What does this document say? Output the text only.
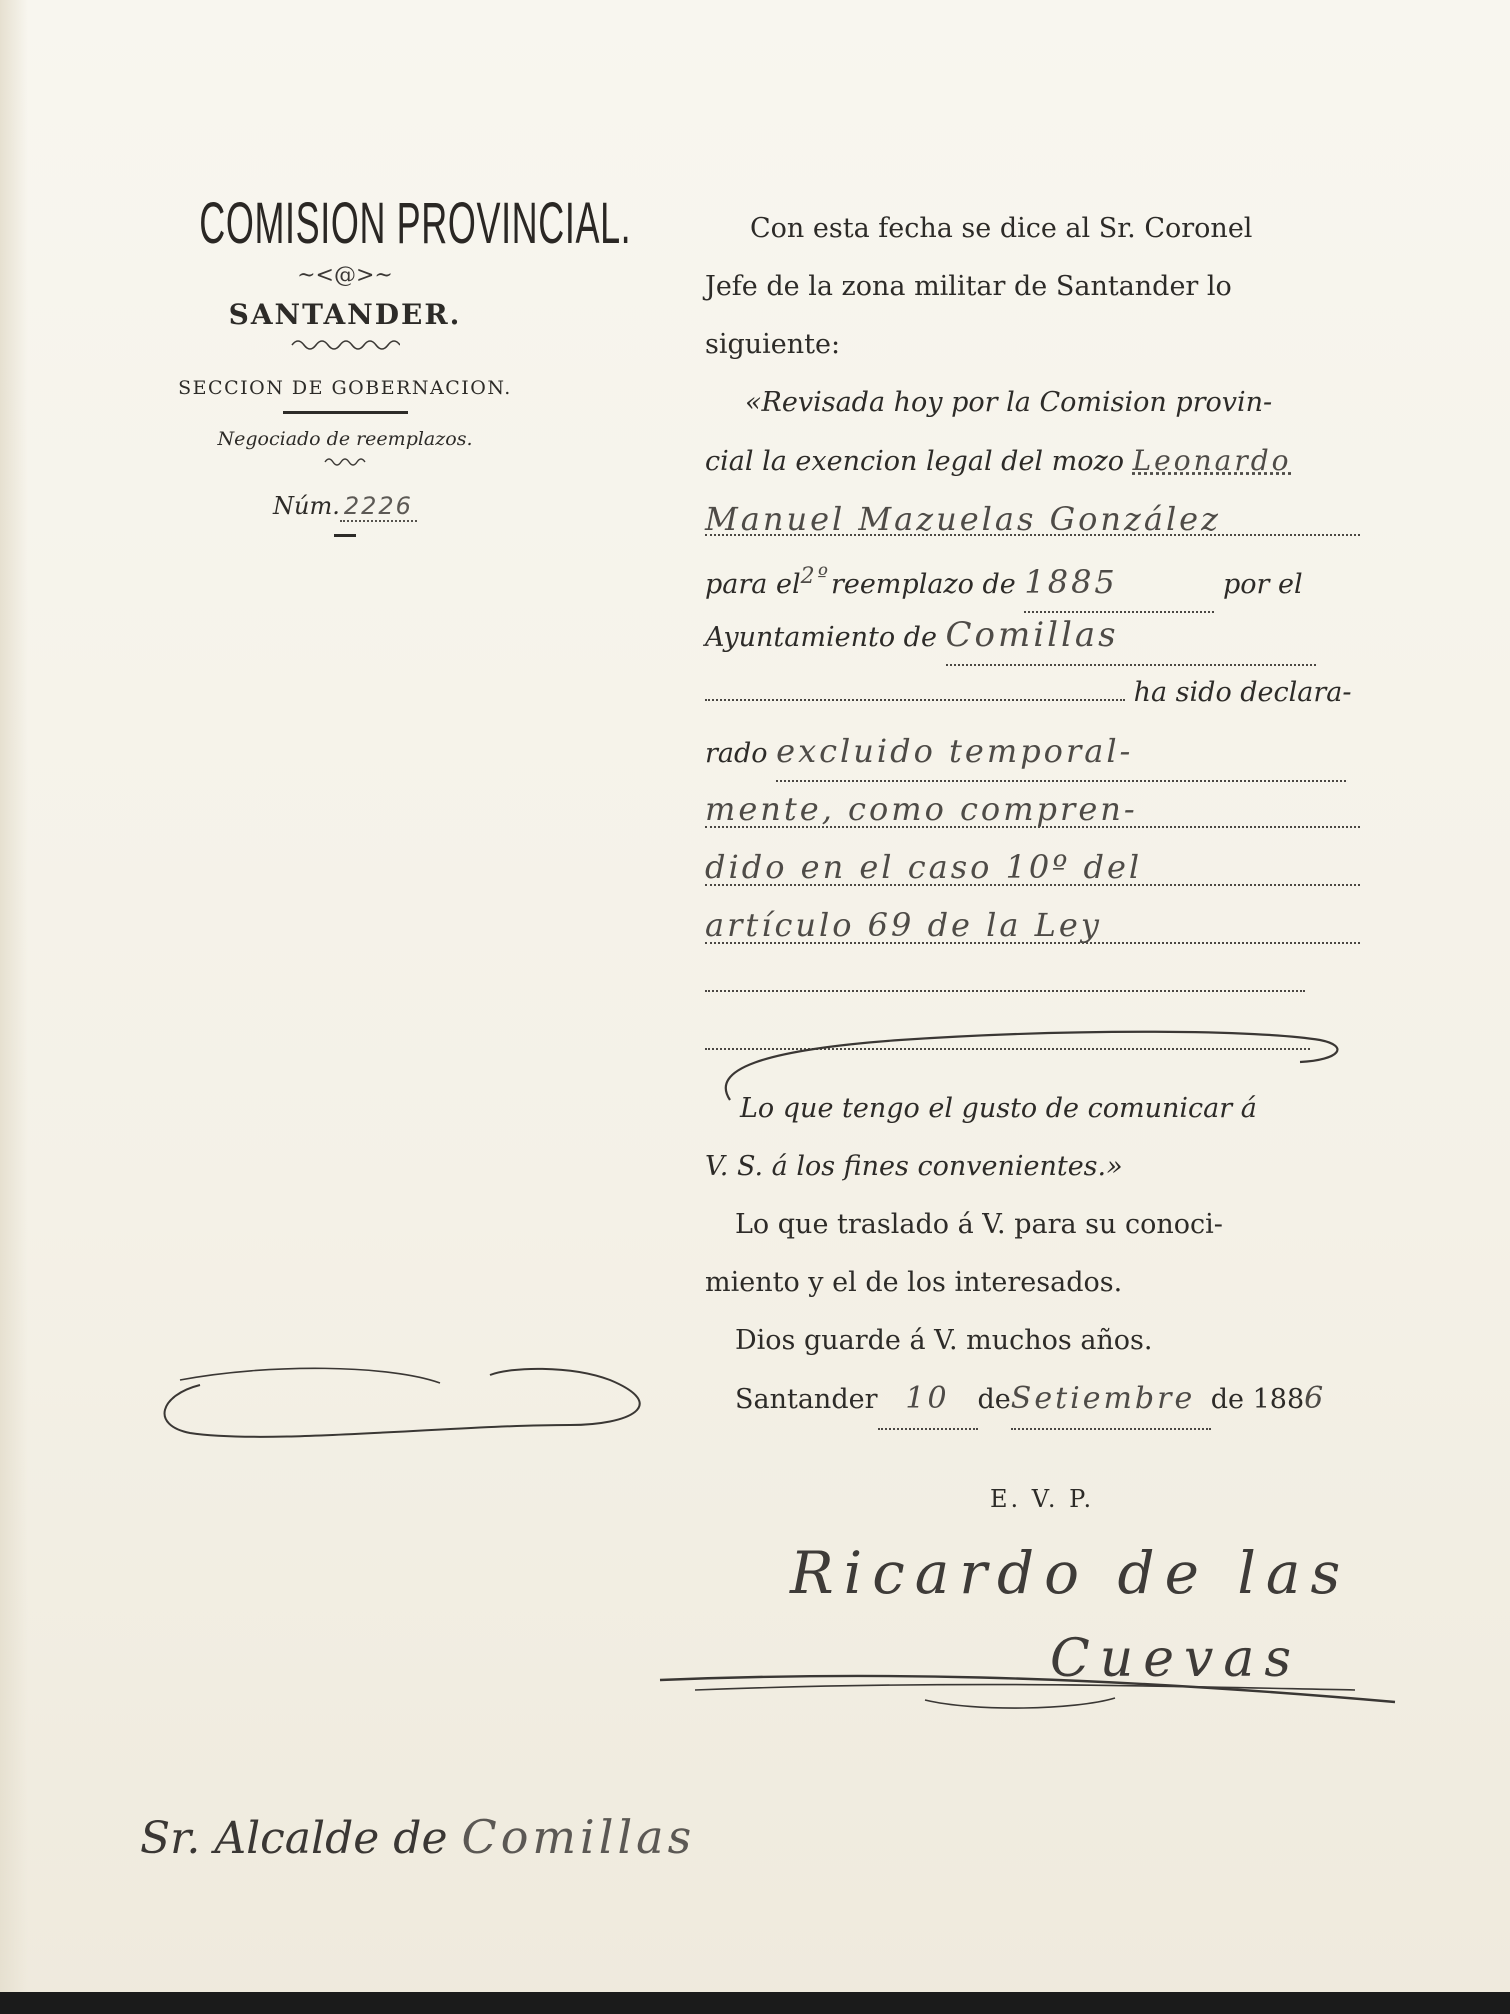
COMISION PROVINCIAL.
~<@>~
SANTANDER.
SECCION DE GOBERNACION.
Negociado de reemplazos.
Núm. 2226
Con esta fecha se dice al Sr. Coronel
Jefe de la zona militar de Santander lo
siguiente:
«Revisada hoy por la Comision provin-
cial la exencion legal del mozo Leonardo
Manuel Mazuelas González
para $el^{2º}reemplazo$ de 1885	por el
Ayuntamiento de Comillas
ha sido declara-
rado excluido temporal-
mente, como compren-
dido en el caso 10º del
artículo 69 de la Ley
Lo que tengo el gusto de comunicar á
V. S. á los fines convenientes.»
Lo que traslado á V. para su conoci-
miento y el de los interesados.
Dios guarde á V. muchos años.
Santander 10 deSetiembre de 1886
E. V. P.
Ricardo de las
Cuevas
Sr. Alcalde de Comillas
